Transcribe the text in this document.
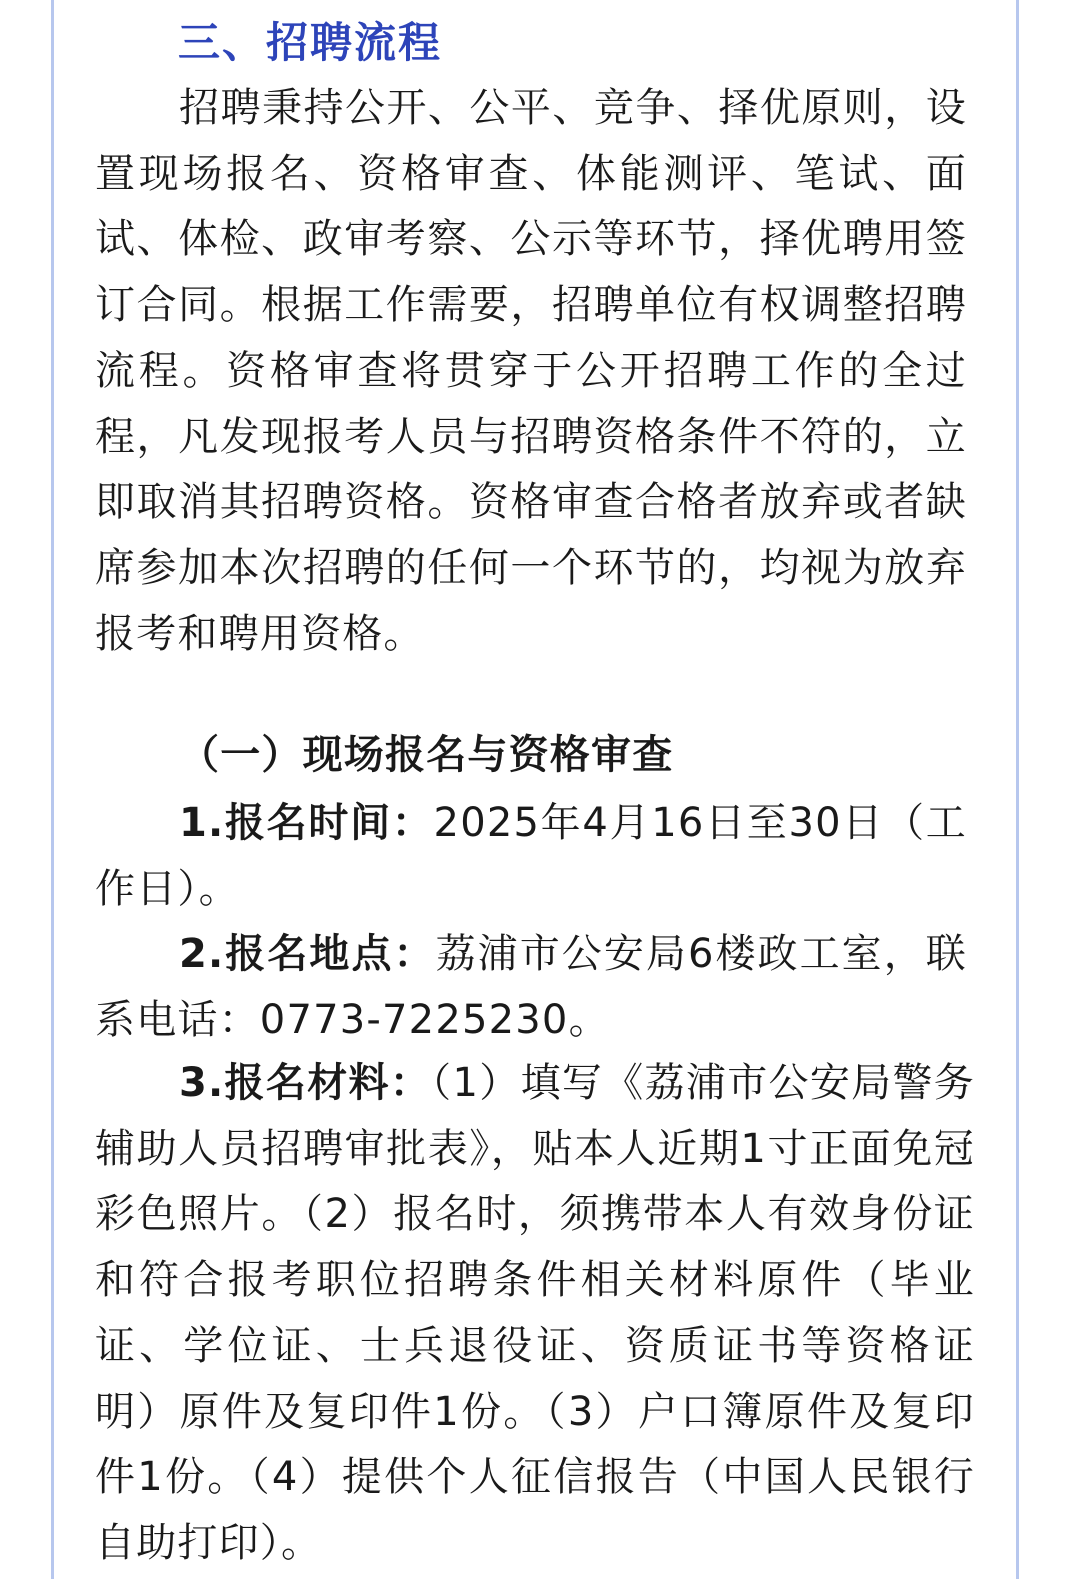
三、招聘流程

招聘秉持公开、公平、竞争、择优原则，设置现场报名、资格审查、体能测评、笔试、面试、体检、政审考察、公示等环节，择优聘用签订合同。根据工作需要，招聘单位有权调整招聘流程。资格审查将贯穿于公开招聘工作的全过程，凡发现报考人员与招聘资格条件不符的，立即取消其招聘资格。资格审查合格者放弃或者缺席参加本次招聘的任何一个环节的，均视为放弃报考和聘用资格。

（一）现场报名与资格审查

1.报名时间：2025年4月16日至30日（工作日）。

2.报名地点：荔浦市公安局6楼政工室，联系电话：0773-7225230。

3.报名材料：（1）填写《荔浦市公安局警务辅助人员招聘审批表》，贴本人近期1寸正面免冠彩色照片。（2）报名时，须携带本人有效身份证和符合报考职位招聘条件相关材料原件（毕业证、学位证、士兵退役证、资质证书等资格证明）原件及复印件1份。（3）户口簿原件及复印件1份。（4）提供个人征信报告（中国人民银行自助打印）。
